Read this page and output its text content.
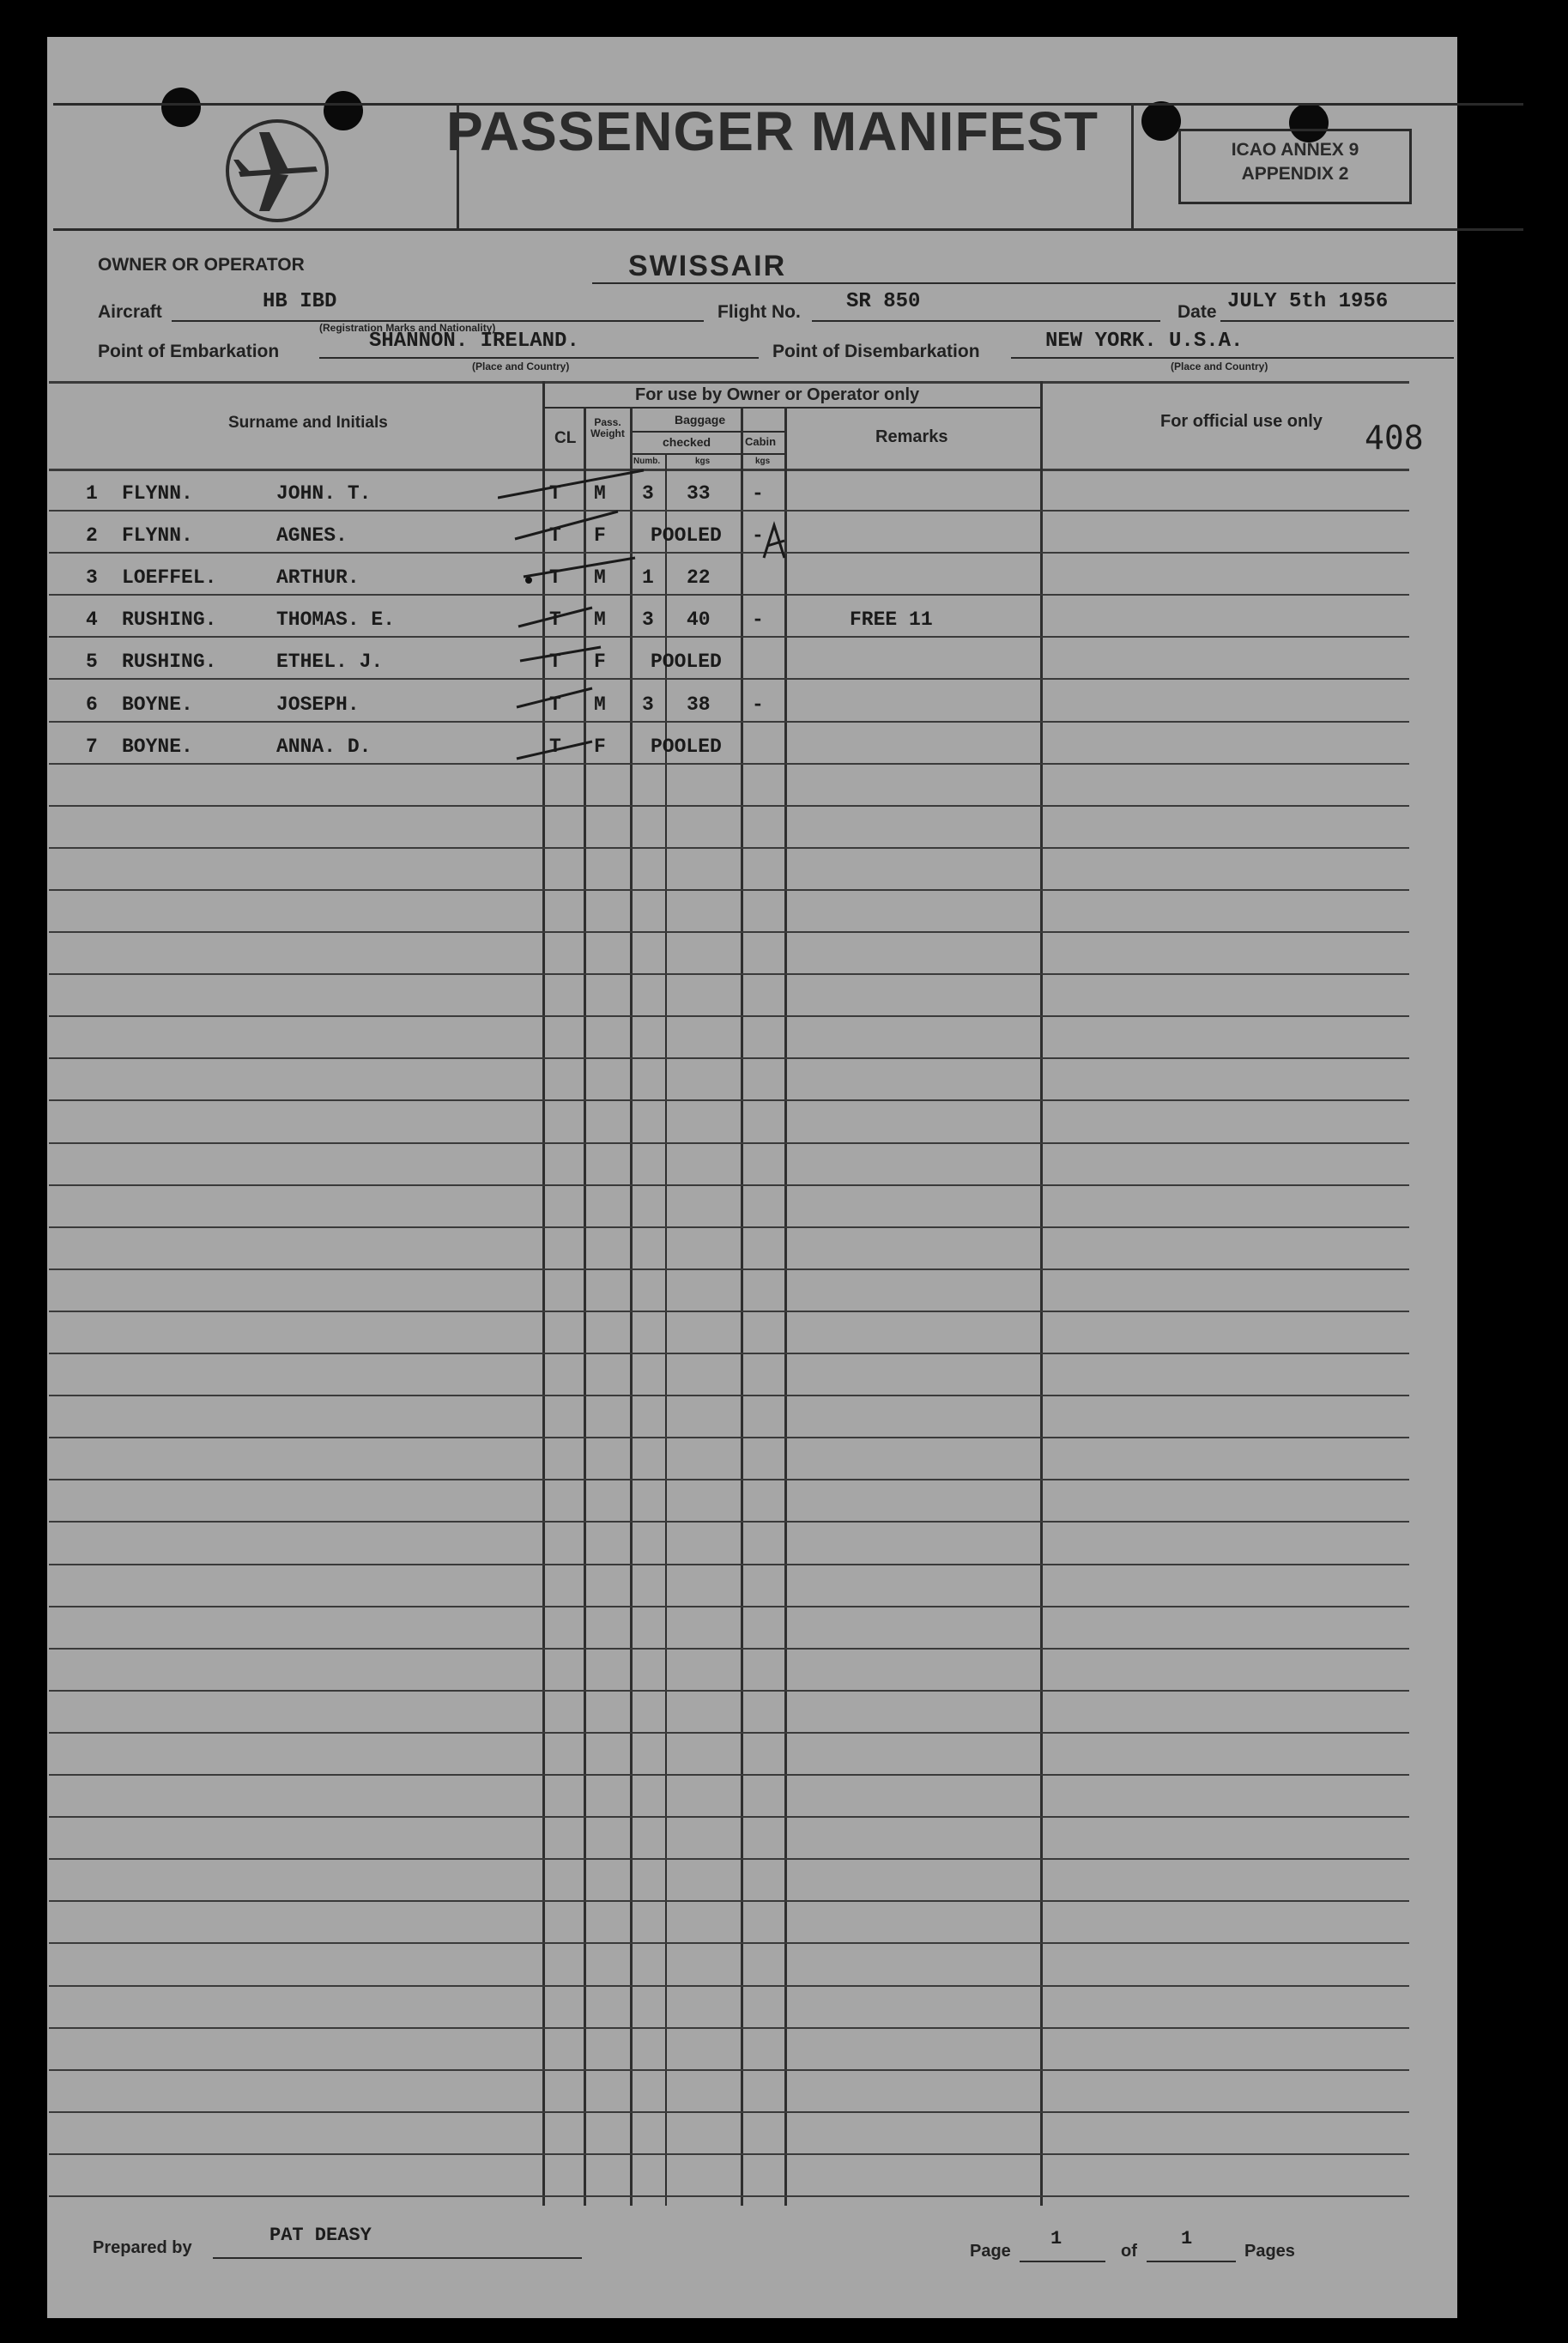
PASSENGER MANIFEST	ICAO ANNEX 9
APPENDIX 2
OWNER OR OPERATOR	SWISSAIR
Aircraft	HB IBD
(Registration Marks and Nationality)
Flight No. SR 850	Date JULY 5th 1956
Point of Embarkation	SHANNON. IRELAND.
(Place and Country)
Point of Disembarkation	NEW YORK. U.S.A.
(Place and Country)
Surname and Initials
For use by Owner or Operator only
CL
Pass. Weight
Baggage
checked	Cabin
Numb.	kgs	kgs
Remarks
For official use only 408
1 FLYNN.	JOHN. T.	T M 3 33 -
2 FLYNN.	AGNES.	T F POOLED -
3 LOEFFEL.	ARTHUR.	T M 1 22
4 RUSHING.	THOMAS. E.	T M 3 40 -	FREE 11
5 RUSHING.	ETHEL. J.	T F POOLED
6 BOYNE.	JOSEPH.	T M 3 38 -
7 BOYNE.	ANNA. D.	T F POOLED
Prepared by
PAT DEASY
Page
1
of
1
Pages
